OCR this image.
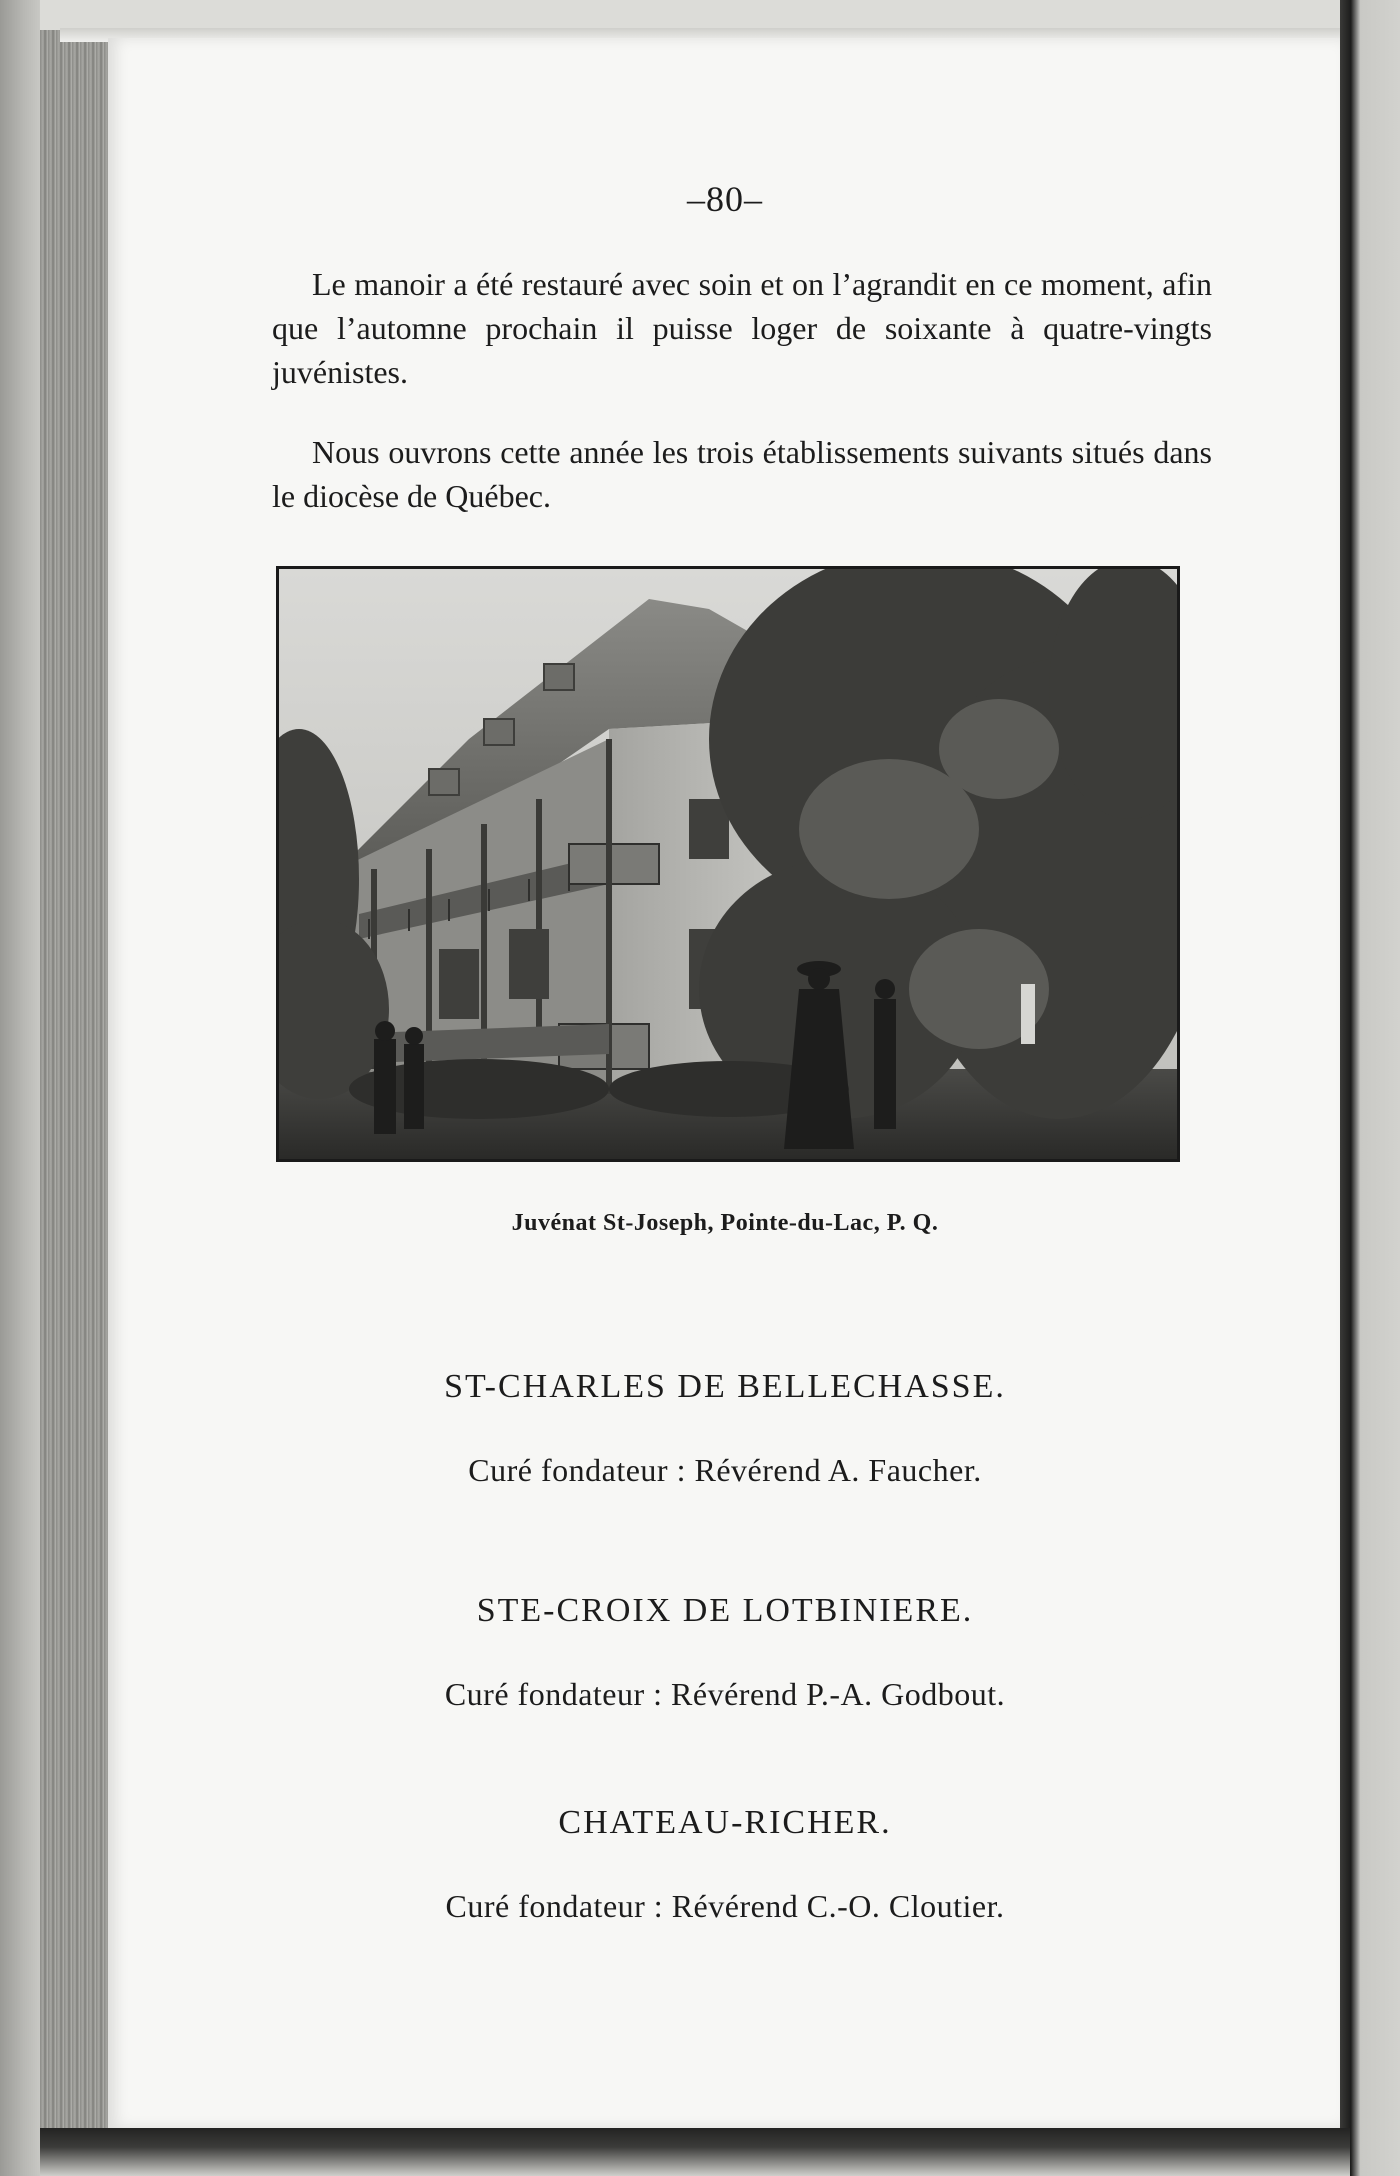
–80–

Le manoir a été restauré avec soin et on l’agrandit en ce moment, afin que l’automne prochain il puisse loger de soixante à quatre-vingts juvénistes.

Nous ouvrons cette année les trois établissements suivants situés dans le diocèse de Québec.

Juvénat St-Joseph, Pointe-du-Lac, P. Q.
ST-CHARLES DE BELLECHASSE.
Curé fondateur : Révérend A. Faucher.
STE-CROIX DE LOTBINIERE.
Curé fondateur : Révérend P.-A. Godbout.
CHATEAU-RICHER.
Curé fondateur : Révérend C.-O. Cloutier.
